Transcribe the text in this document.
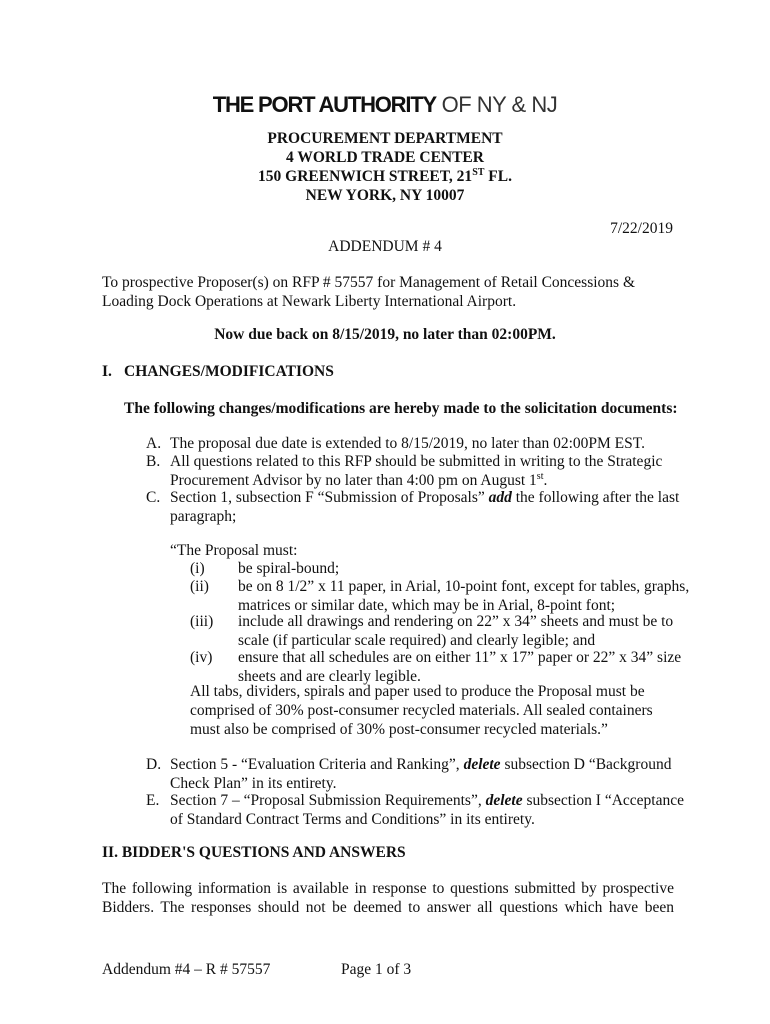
THE PORT AUTHORITY OF NY & NJ
PROCUREMENT DEPARTMENT
4 WORLD TRADE CENTER
150 GREENWICH STREET, 21ST FL.
NEW YORK, NY 10007
7/22/2019
ADDENDUM # 4
To prospective Proposer(s) on RFP # 57557 for Management of Retail Concessions & Loading Dock Operations at Newark Liberty International Airport.
Now due back on 8/15/2019, no later than 02:00PM.
I. CHANGES/MODIFICATIONS
The following changes/modifications are hereby made to the solicitation documents:
A. The proposal due date is extended to 8/15/2019, no later than 02:00PM EST.
B. All questions related to this RFP should be submitted in writing to the Strategic Procurement Advisor by no later than 4:00 pm on August 1st.
C. Section 1, subsection F “Submission of Proposals” add the following after the last paragraph;
“The Proposal must:
(i) be spiral-bound;
(ii) be on 8 1/2” x 11 paper, in Arial, 10-point font, except for tables, graphs, matrices or similar date, which may be in Arial, 8-point font;
(iii) include all drawings and rendering on 22” x 34” sheets and must be to scale (if particular scale required) and clearly legible; and
(iv) ensure that all schedules are on either 11” x 17” paper or 22” x 34” size sheets and are clearly legible.
All tabs, dividers, spirals and paper used to produce the Proposal must be comprised of 30% post-consumer recycled materials. All sealed containers must also be comprised of 30% post-consumer recycled materials.”
D. Section 5 - “Evaluation Criteria and Ranking”, delete subsection D “Background Check Plan” in its entirety.
E. Section 7 – “Proposal Submission Requirements”, delete subsection I “Acceptance of Standard Contract Terms and Conditions” in its entirety.
II. BIDDER'S QUESTIONS AND ANSWERS
The following information is available in response to questions submitted by prospective
Bidders. The responses should not be deemed to answer all questions which have been
Addendum #4 – R # 57557	Page 1 of 3
